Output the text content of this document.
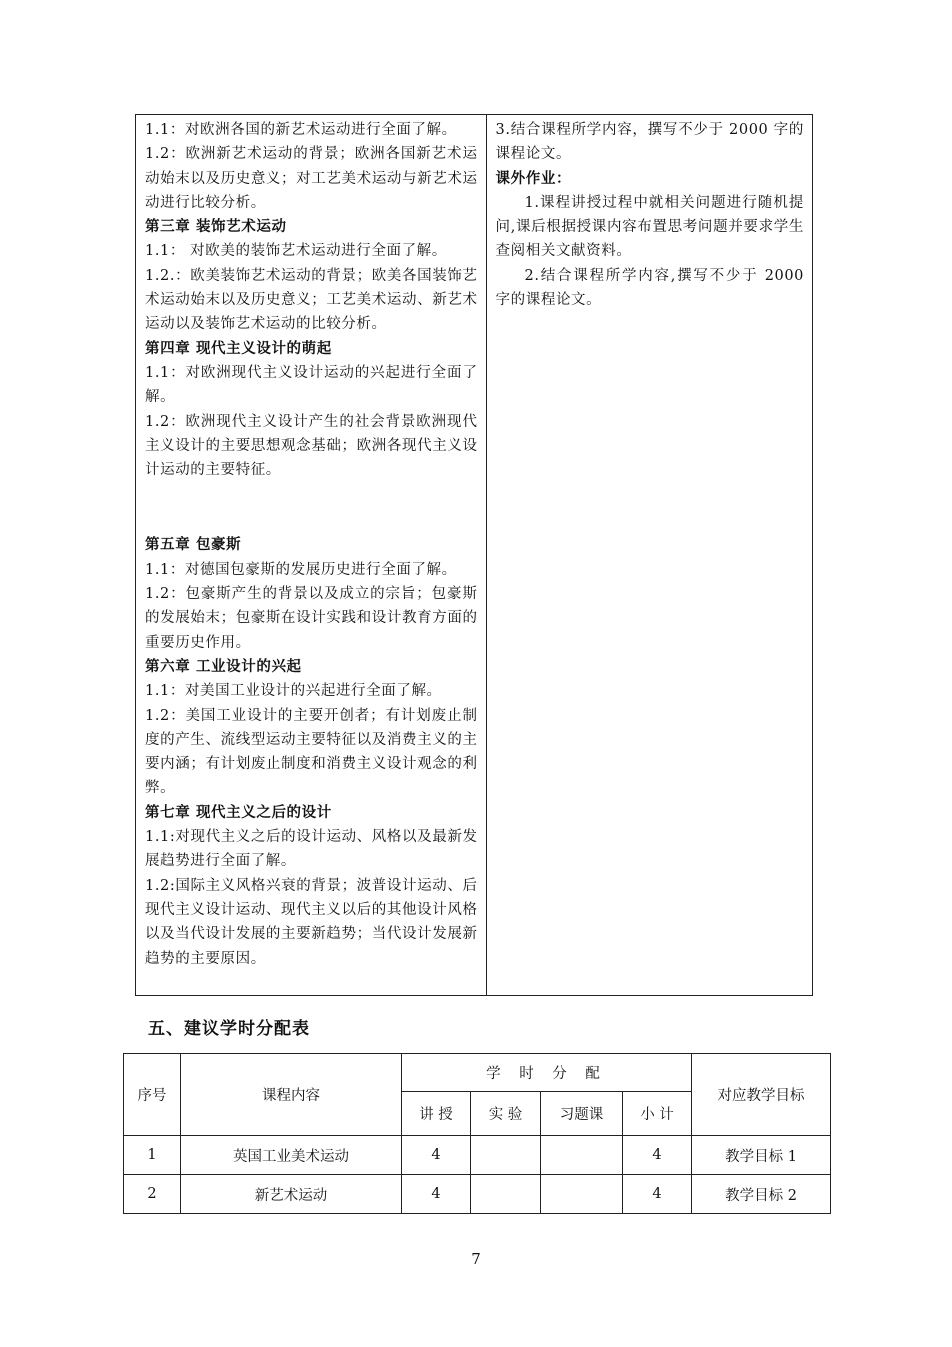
1.1：对欧洲各国的新艺术运动进行全面了解。

1.2：欧洲新艺术运动的背景；欧洲各国新艺术运动始末以及历史意义；对工艺美术运动与新艺术运动进行比较分析。

第三章 装饰艺术运动

1.1： 对欧美的装饰艺术运动进行全面了解。

1.2.：欧美装饰艺术运动的背景；欧美各国装饰艺术运动始末以及历史意义；工艺美术运动、新艺术运动以及装饰艺术运动的比较分析。

第四章 现代主义设计的萌起

1.1：对欧洲现代主义设计运动的兴起进行全面了解。

1.2：欧洲现代主义设计产生的社会背景欧洲现代主义设计的主要思想观念基础；欧洲各现代主义设计运动的主要特征。

第五章 包豪斯

1.1：对德国包豪斯的发展历史进行全面了解。

1.2：包豪斯产生的背景以及成立的宗旨；包豪斯的发展始末；包豪斯在设计实践和设计教育方面的重要历史作用。

第六章 工业设计的兴起

1.1：对美国工业设计的兴起进行全面了解。

1.2：美国工业设计的主要开创者；有计划废止制度的产生、流线型运动主要特征以及消费主义的主要内涵；有计划废止制度和消费主义设计观念的利弊。

第七章 现代主义之后的设计

1.1:对现代主义之后的设计运动、风格以及最新发展趋势进行全面了解。

1.2:国际主义风格兴衰的背景；波普设计运动、后现代主义设计运动、现代主义以后的其他设计风格以及当代设计发展的主要新趋势；当代设计发展新趋势的主要原因。

3.结合课程所学内容，撰写不少于 2000 字的课程论文。

课外作业：

1.课程讲授过程中就相关问题进行随机提问,课后根据授课内容布置思考问题并要求学生查阅相关文献资料。

2.结合课程所学内容,撰写不少于 2000 字的课程论文。

五、建议学时分配表

序号	课程内容	学 时 分 配				对应教学目标
		讲 授	实 验	习题课	小 计	
1	英国工业美术运动	4			4	教学目标 1
2	新艺术运动	4			4	教学目标 2

7
